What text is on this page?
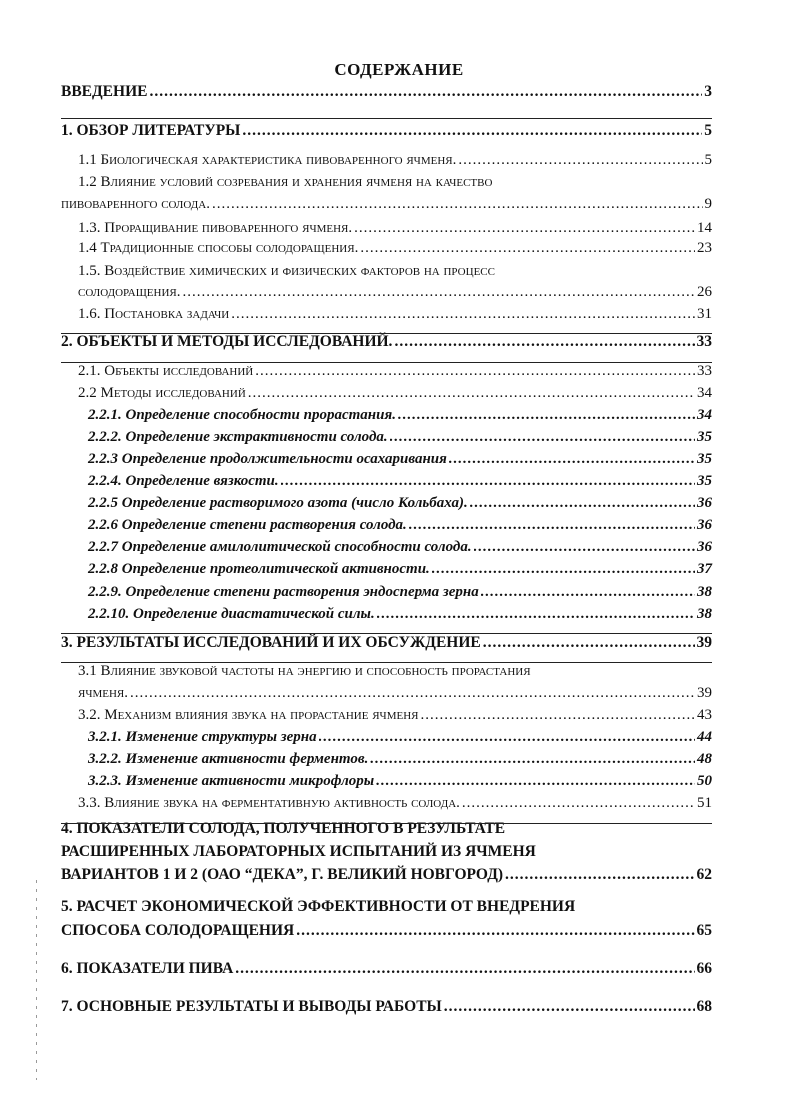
СОДЕРЖАНИЕ
ВВЕДЕНИЕ .....	3
1. ОБЗОР ЛИТЕРАТУРЫ .....	5
1.1 Биологическая характеристика пивоваренного ячменя. .....	5
1.2 Влияние условий созревания и хранения ячменя на качество
пивоваренного солода. .....	9
1.3. Проращивание пивоваренного ячменя. .....	14
1.4 Традиционные способы солодоращения. .....	23
1.5. Воздействие химических и физических факторов на процесс
солодоращения. .....	26
1.6. Постановка задачи .....	31
2. ОБЪЕКТЫ И МЕТОДЫ ИССЛЕДОВАНИЙ. .....	33
2.1. Объекты исследований .....	33
2.2 Методы исследований .....	34
2.2.1. Определение способности прорастания. .....	34
2.2.2. Определение экстрактивности солода. .....	35
2.2.3 Определение продолжительности осахаривания .....	35
2.2.4. Определение вязкости. .....	35
2.2.5 Определение растворимого азота (число Кольбаха). .....	36
2.2.6 Определение степени растворения солода. .....	36
2.2.7 Определение амилолитической способности солода. .....	36
2.2.8 Определение протеолитической активности. .....	37
2.2.9. Определение степени растворения эндосперма зерна .....	38
2.2.10. Определение диастатической силы. .....	38
3. РЕЗУЛЬТАТЫ ИССЛЕДОВАНИЙ И ИХ ОБСУЖДЕНИЕ .....	39
3.1 Влияние звуковой частоты на энергию и способность прорастания
ячменя. .....	39
3.2. Механизм влияния звука на прорастание ячменя .....	43
3.2.1. Изменение структуры зерна .....	44
3.2.2. Изменение активности ферментов. .....	48
3.2.3. Изменение активности микрофлоры .....	50
3.3. Влияние звука на ферментативную активность солода. .....	51
4. ПОКАЗАТЕЛИ СОЛОДА, ПОЛУЧЕННОГО В РЕЗУЛЬТАТЕ
РАСШИРЕННЫХ ЛАБОРАТОРНЫХ ИСПЫТАНИЙ ИЗ ЯЧМЕНЯ
ВАРИАНТОВ 1 И 2 (ОАО “ДЕКА”, Г. ВЕЛИКИЙ НОВГОРОД) .....	62
5. РАСЧЕТ ЭКОНОМИЧЕСКОЙ ЭФФЕКТИВНОСТИ ОТ ВНЕДРЕНИЯ
СПОСОБА СОЛОДОРАЩЕНИЯ .....	65
6. ПОКАЗАТЕЛИ ПИВА .....	66
7. ОСНОВНЫЕ РЕЗУЛЬТАТЫ И ВЫВОДЫ РАБОТЫ .....	68
